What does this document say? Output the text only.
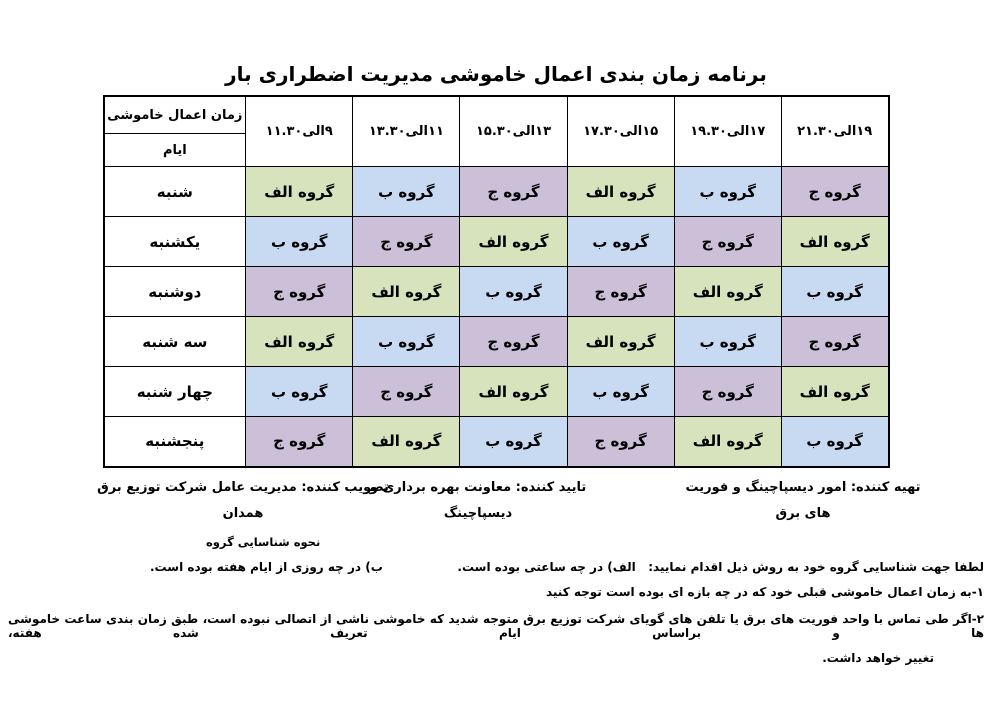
برنامه زمان بندی اعمال خاموشی مدیریت اضطراری بار
زمان اعمال خاموشی
ایام	۹الی۱۱.۳۰	۱۱الی۱۳.۳۰	۱۳الی۱۵.۳۰	۱۵الی۱۷.۳۰	۱۷الی۱۹.۳۰	۱۹الی۲۱.۳۰
شنبه	گروه الف	گروه ب	گروه ج	گروه الف	گروه ب	گروه ج
یکشنبه	گروه ب	گروه ج	گروه الف	گروه ب	گروه ج	گروه الف
دوشنبه	گروه ج	گروه الف	گروه ب	گروه ج	گروه الف	گروه ب
سه شنبه	گروه الف	گروه ب	گروه ج	گروه الف	گروه ب	گروه ج
چهار شنبه	گروه ب	گروه ج	گروه الف	گروه ب	گروه ج	گروه الف
پنجشنبه	گروه ج	گروه الف	گروه ب	گروه ج	گروه الف	گروه ب
تهیه کننده: امور دیسپاچینگ و فوریت
های برق
تایید کننده: معاونت بهره برداری و
دیسپاچینگ
تصویب کننده: مدیریت عامل شرکت توزیع برق
همدان
نحوه شناسایی گروه
لطفا جهت شناسایی گروه خود به روش ذیل اقدام نمایید:   الف) در چه ساعتی بوده است.
ب) در چه روزی از ایام هفته بوده است.
۱-به زمان اعمال خاموشی قبلی خود که در چه بازه ای بوده است توجه کنید
۲-اگر طی تماس با واحد فوریت های برق یا تلفن های گویای شرکت توزیع برق متوجه شدید که خاموشی ناشی از اتصالی نبوده است، طبق زمان بندی ساعت خاموشی ها و براساس ایام تعریف شده هفته،
تغییر خواهد داشت.
